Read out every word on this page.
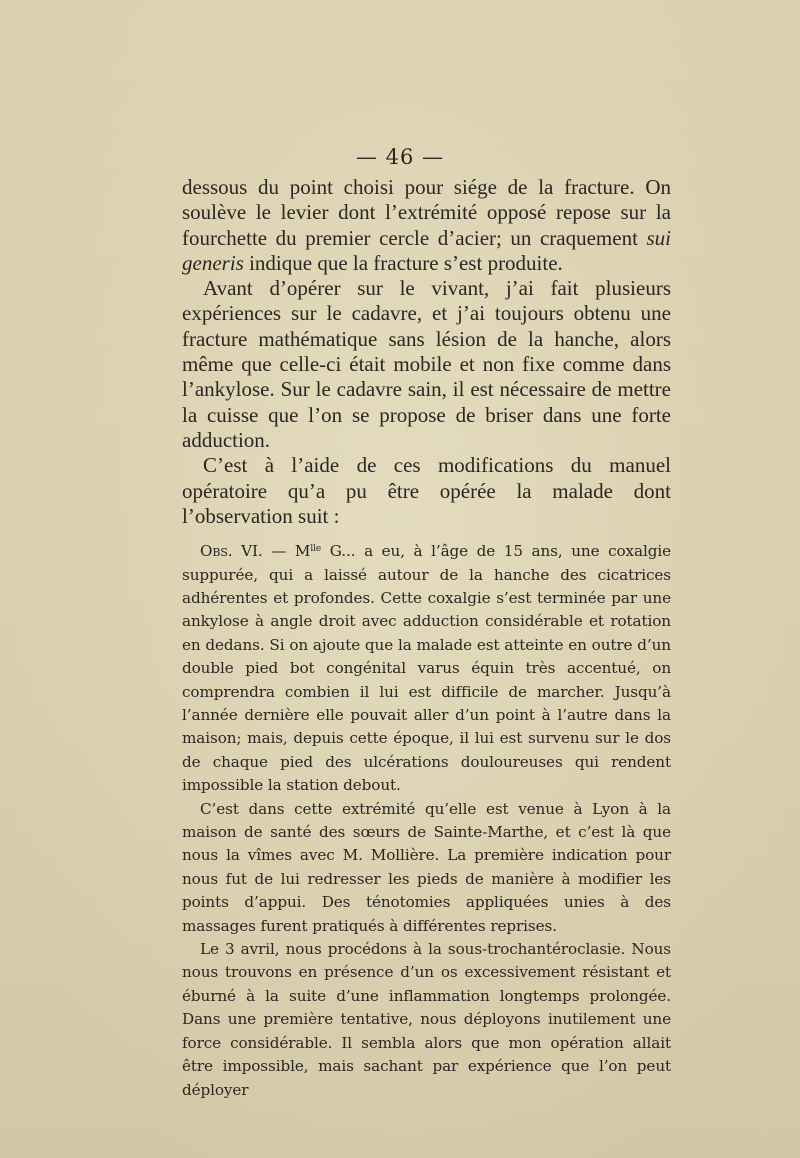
— 46 —

dessous du point choisi pour siége de la fracture. On soulève le levier dont l’extrémité opposé repose sur la fourchette du premier cercle d’acier; un craquement sui generis indique que la fracture s’est produite.

Avant d’opérer sur le vivant, j’ai fait plusieurs expériences sur le cadavre, et j’ai toujours obtenu une fracture mathématique sans lésion de la hanche, alors même que celle-ci était mobile et non fixe comme dans l’ankylose. Sur le cadavre sain, il est nécessaire de mettre la cuisse que l’on se propose de briser dans une forte adduction.

C’est à l’aide de ces modifications du manuel opératoire qu’a pu être opérée la malade dont l’observation suit :

Obs. VI. — $M^{lle}$ G... a eu, à l’âge de 15 ans, une coxalgie suppurée, qui a laissé autour de la hanche des cicatrices adhérentes et profondes. Cette coxalgie s’est terminée par une ankylose à angle droit avec adduction considérable et rotation en dedans. Si on ajoute que la malade est atteinte en outre d’un double pied bot congénital varus équin très accentué, on comprendra combien il lui est difficile de marcher. Jusqu’à l’année dernière elle pouvait aller d’un point à l’autre dans la maison; mais, depuis cette époque, il lui est survenu sur le dos de chaque pied des ulcérations douloureuses qui rendent impossible la station debout.

C’est dans cette extrémité qu’elle est venue à Lyon à la maison de santé des sœurs de Sainte-Marthe, et c’est là que nous la vîmes avec M. Mollière. La première indication pour nous fut de lui redresser les pieds de manière à modifier les points d’appui. Des ténotomies appliquées unies à des massages furent pratiqués à différentes reprises.

Le 3 avril, nous procédons à la sous-trochantéroclasie. Nous nous trouvons en présence d’un os excessivement résistant et éburné à la suite d’une inflammation longtemps prolongée. Dans une première tentative, nous déployons inutilement une force considérable. Il sembla alors que mon opération allait être impossible, mais sachant par expérience que l’on peut déployer
